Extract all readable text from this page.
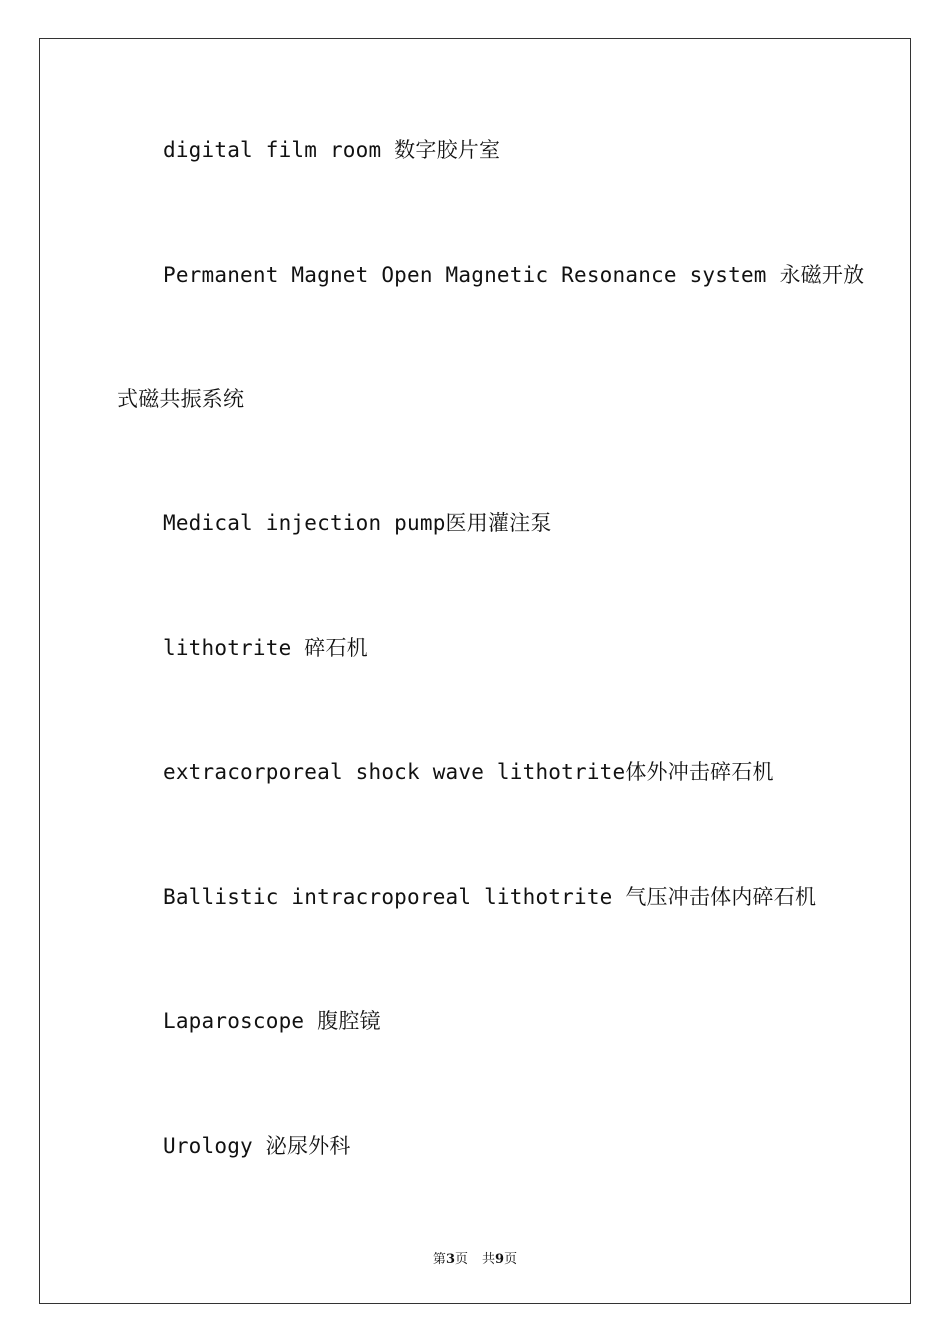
digital film room 数字胶片室
Permanent Magnet Open Magnetic Resonance system 永磁开放
式磁共振系统
Medical injection pump医用灌注泵
lithotrite 碎石机
extracorporeal shock wave lithotrite体外冲击碎石机
Ballistic intracroporeal lithotrite 气压冲击体内碎石机
Laparoscope 腹腔镜
Urology 泌尿外科
第3页 共9页
